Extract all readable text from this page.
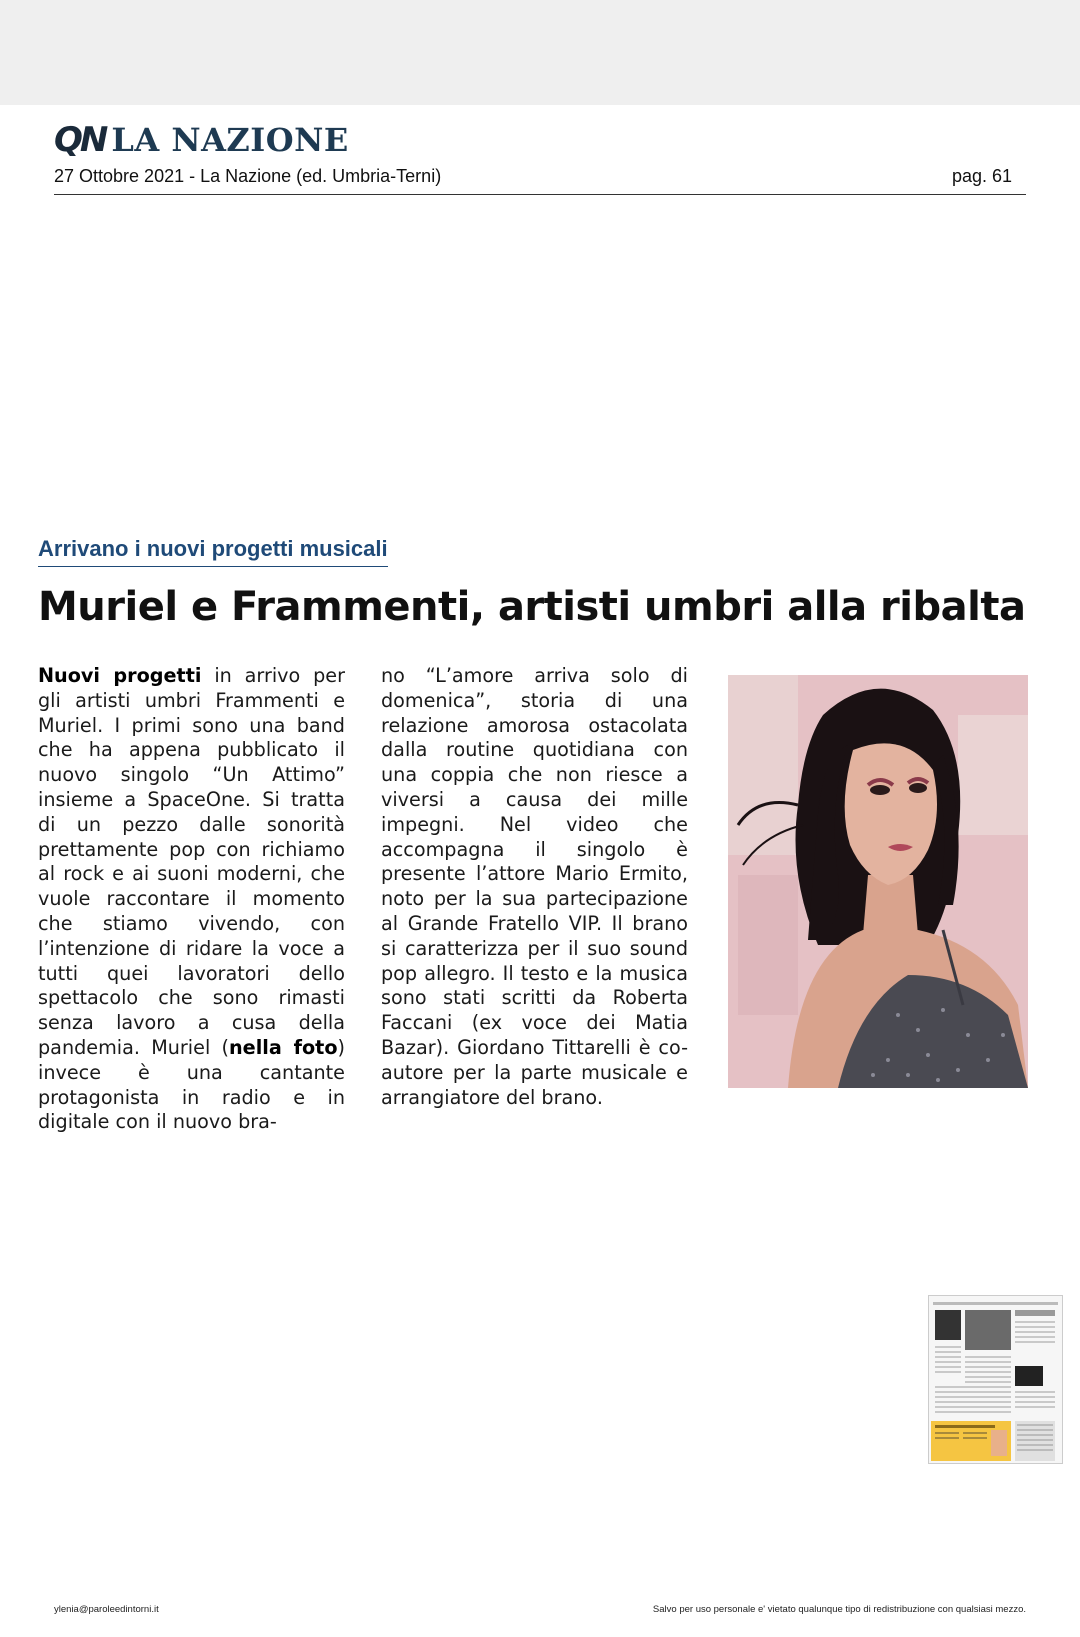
QN LA NAZIONE
27 Ottobre 2021 - La Nazione (ed. Umbria-Terni)	pag. 61
Arrivano i nuovi progetti musicali
Muriel e Frammenti, artisti umbri alla ribalta

Nuovi progetti in arrivo per gli artisti umbri Frammenti e Muriel. I primi sono una band che ha appena pubblicato il nuovo singolo “Un Attimo” insieme a SpaceOne. Si tratta di un pezzo dalle sonorità prettamente pop con richiamo al rock e ai suoni moderni, che vuole raccontare il momento che stiamo vivendo, con l’intenzione di ridare la voce a tutti quei lavoratori dello spettacolo che sono rimasti senza lavoro a cusa della pandemia. Muriel (nella foto) invece è una cantante protagonista in radio e in digitale con il nuovo bra-

no “L’amore arriva solo di domenica”, storia di una relazione amorosa ostacolata dalla routine quotidiana con una coppia che non riesce a viversi a causa dei mille impegni. Nel video che accompagna il singolo è presente l’attore Mario Ermito, noto per la sua partecipazione al Grande Fratello VIP. Il brano si caratterizza per il suo sound pop allegro. Il testo e la musica sono stati scritti da Roberta Faccani (ex voce dei Matia Bazar). Giordano Tittarelli è co-autore per la parte musicale e arrangiatore del brano.

ylenia@paroleedintorni.it	Salvo per uso personale e' vietato qualunque tipo di redistribuzione con qualsiasi mezzo.
